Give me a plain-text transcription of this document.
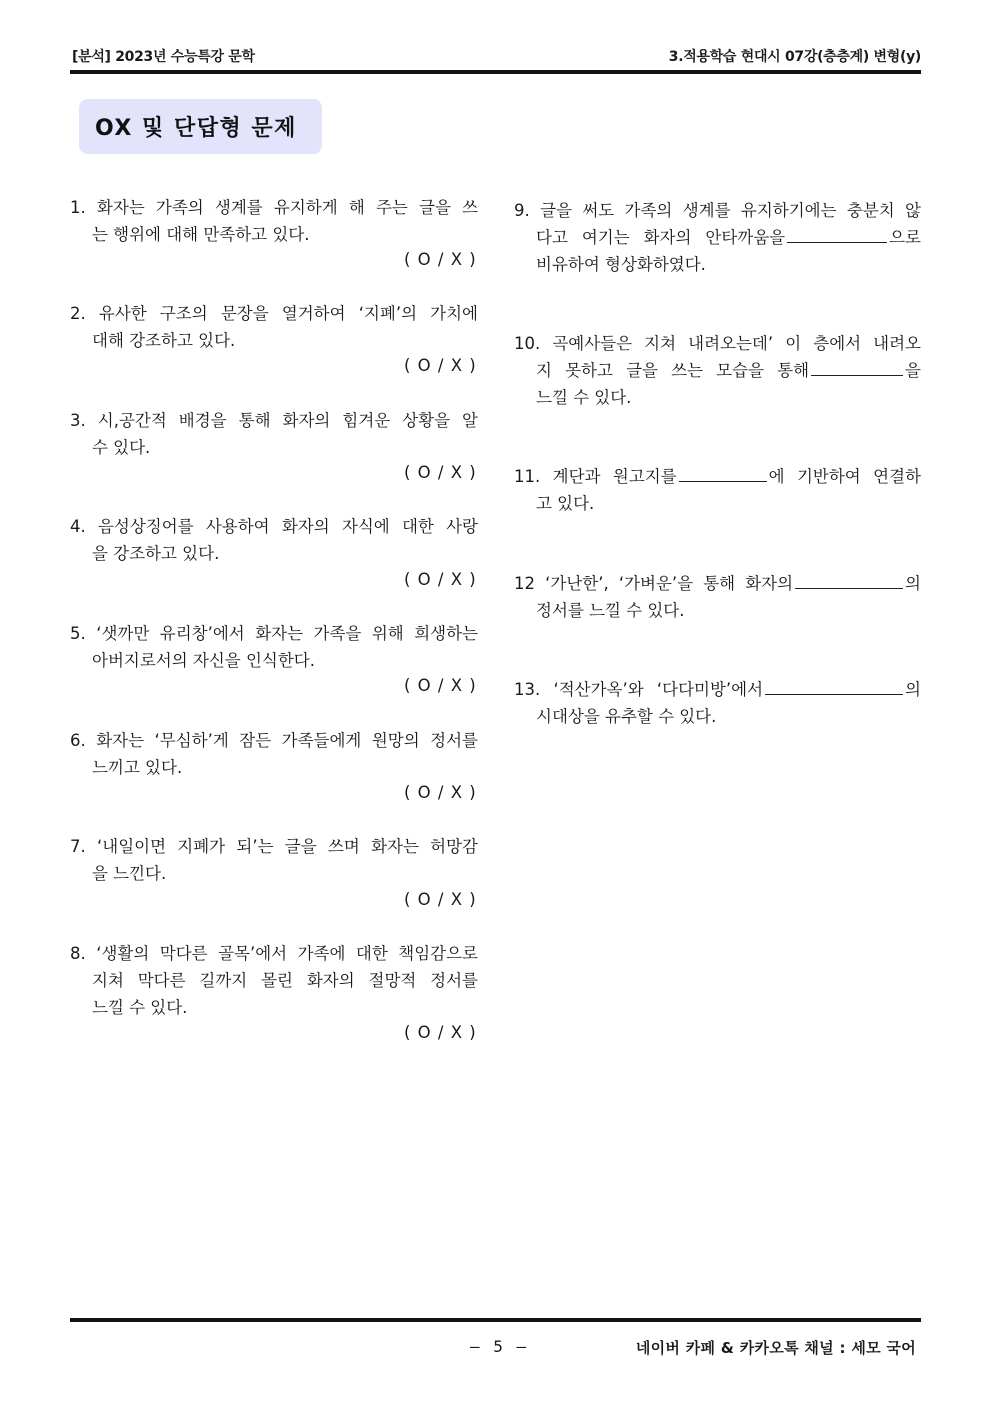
[분석] 2023년 수능특강 문학	3.적용학습 현대시 07강(층층계) 변형(y)
OX 및 단답형 문제
1. 화자는 가족의 생계를 유지하게 해 주는 글을 쓰
는 행위에 대해 만족하고 있다.
( O / X )
2. 유사한 구조의 문장을 열거하여 ‘지폐’의 가치에
대해 강조하고 있다.
( O / X )
3. 시,공간적 배경을 통해 화자의 힘겨운 상황을 알
수 있다.
( O / X )
4. 음성상징어를 사용하여 화자의 자식에 대한 사랑
을 강조하고 있다.
( O / X )
5. ‘샛까만 유리창’에서 화자는 가족을 위해 희생하는
아버지로서의 자신을 인식한다.
( O / X )
6. 화자는 ‘무심하’게 잠든 가족들에게 원망의 정서를
느끼고 있다.
( O / X )
7. ‘내일이면 지폐가 되’는 글을 쓰며 화자는 허망감
을 느낀다.
( O / X )
8. ‘생활의 막다른 골목’에서 가족에 대한 책임감으로
지쳐 막다른 길까지 몰린 화자의 절망적 정서를
느낄 수 있다.
( O / X )
9. 글을 써도 가족의 생계를 유지하기에는 충분치 않
다고 여기는 화자의 안타까움을	으로
비유하여 형상화하였다.
10. 곡예사들은 지쳐 내려오는데’ 이 층에서 내려오
지 못하고 글을 쓰는 모습을 통해	을
느낄 수 있다.
11. 계단과 원고지를	에 기반하여 연결하
고 있다.
12 ‘가난한’, ‘가벼운’을 통해 화자의	의
정서를 느낄 수 있다.
13. ‘적산가옥’와 ‘다다미방’에서	의
시대상을 유추할 수 있다.
– 5 –	네이버 카페 & 카카오톡 채널 : 세모 국어
